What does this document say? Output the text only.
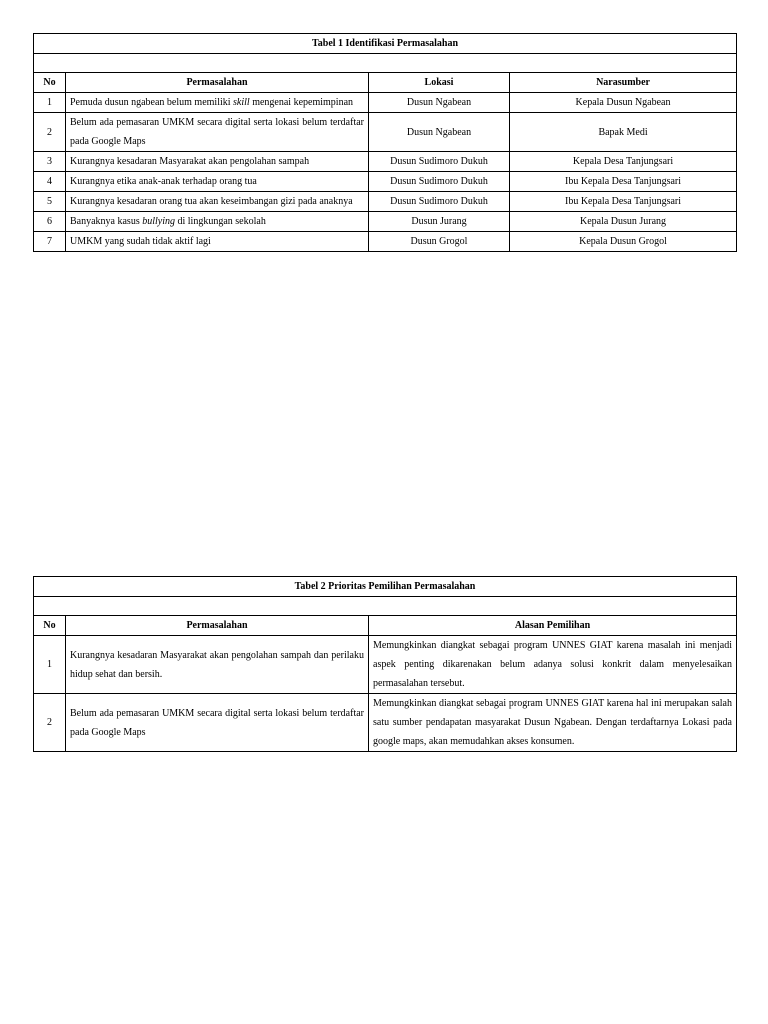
Tabel 1 Identifikasi Permasalahan			

No	Permasalahan	Lokasi	Narasumber
1	Pemuda dusun ngabean belum memiliki skill mengenai kepemimpinan	Dusun Ngabean	Kepala Dusun Ngabean
2	Belum ada pemasaran UMKM secara digital serta lokasi belum terdaftar pada Google Maps	Dusun Ngabean	Bapak Medi
3	Kurangnya kesadaran Masyarakat akan pengolahan sampah	Dusun Sudimoro Dukuh	Kepala Desa Tanjungsari
4	Kurangnya etika anak-anak terhadap orang tua	Dusun Sudimoro Dukuh	Ibu Kepala Desa Tanjungsari
5	Kurangnya kesadaran orang tua akan keseimbangan gizi pada anaknya	Dusun Sudimoro Dukuh	Ibu Kepala Desa Tanjungsari
6	Banyaknya kasus bullying di lingkungan sekolah	Dusun Jurang	Kepala Dusun Jurang
7	UMKM yang sudah tidak aktif lagi	Dusun Grogol	Kepala Dusun Grogol
Tabel 2 Prioritas Pemilihan Permasalahan		

No	Permasalahan	Alasan Pemilihan
1	Kurangnya kesadaran Masyarakat akan pengolahan sampah dan perilaku hidup sehat dan bersih.	Memungkinkan diangkat sebagai program UNNES GIAT karena masalah ini menjadi aspek penting dikarenakan belum adanya solusi konkrit dalam menyelesaikan permasalahan tersebut.
2	Belum ada pemasaran UMKM secara digital serta lokasi belum terdaftar pada Google Maps	Memungkinkan diangkat sebagai program UNNES GIAT karena hal ini merupakan salah satu sumber pendapatan masyarakat Dusun Ngabean. Dengan terdaftarnya Lokasi pada google maps, akan memudahkan akses konsumen.
